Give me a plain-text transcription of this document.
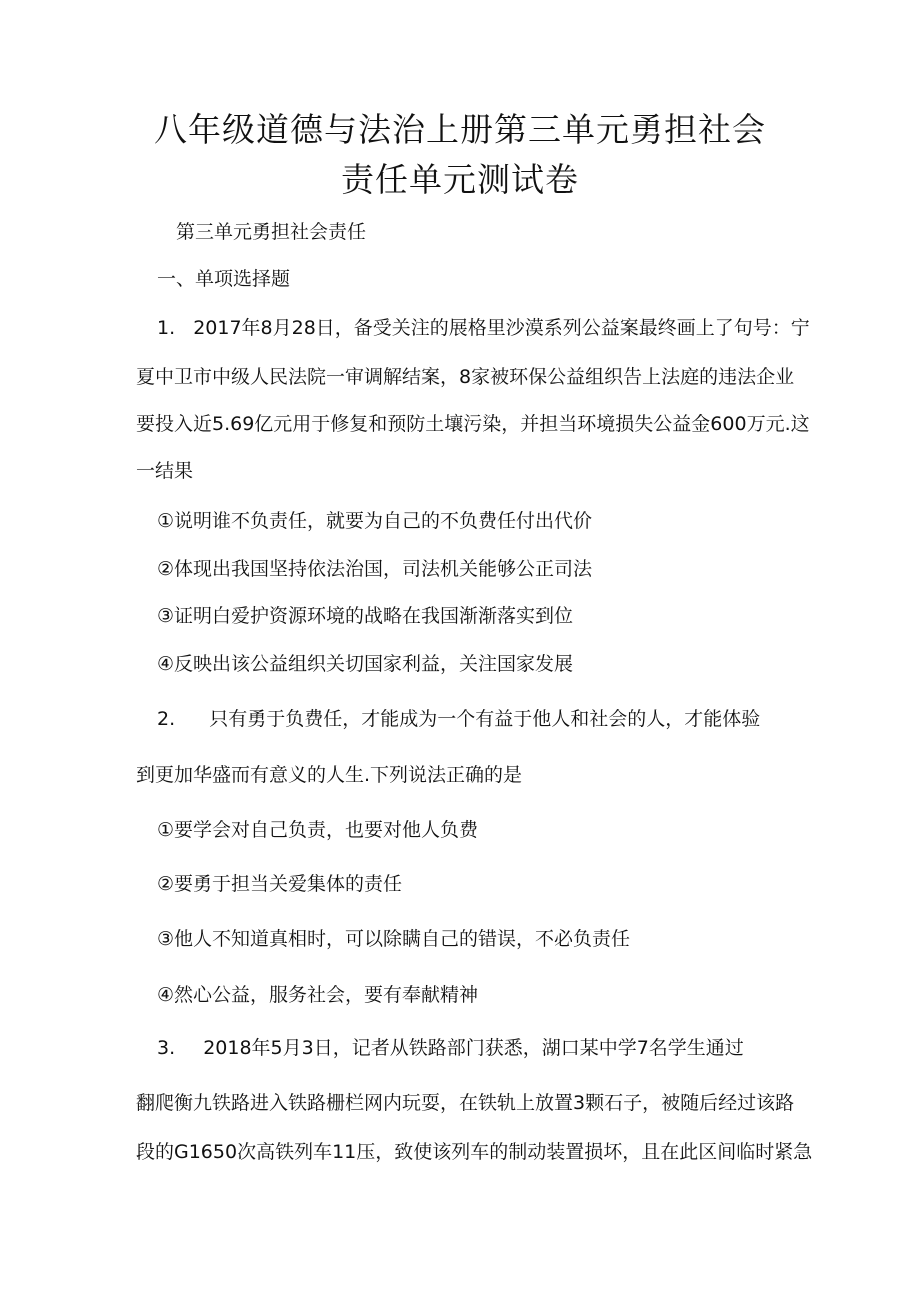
八年级道德与法治上册第三单元勇担社会
责任单元测试卷
第三单元勇担社会责任
一、单项选择题
1. 2017年8月28日，备受关注的展格里沙漠系列公益案最终画上了句号：宁
夏中卫市中级人民法院一审调解结案，8家被环保公益组织告上法庭的违法企业
要投入近5.69亿元用于修复和预防土壤污染，并担当环境损失公益金600万元.这
一结果
①说明谁不负责任，就要为自己的不负费任付出代价
②体现出我国坚持依法治国，司法机关能够公正司法
③证明白爱护资源环境的战略在我国渐渐落实到位
④反映出该公益组织关切国家利益，关注国家发展
2. 只有勇于负费任，才能成为一个有益于他人和社会的人，才能体验
到更加华盛而有意义的人生.下列说法正确的是
①要学会对自己负责，也要对他人负费
②要勇于担当关爱集体的责任
③他人不知道真相时，可以除瞒自己的错误，不必负责任
④然心公益，服务社会，要有奉献精神
3. 2018年5月3日，记者从铁路部门获悉，湖口某中学7名学生通过
翻爬衡九铁路进入铁路栅栏网内玩耍，在铁轨上放置3颗石子，被随后经过该路
段的G1650次高铁列车11压，致使该列车的制动装置损坏，且在此区间临时紧急
